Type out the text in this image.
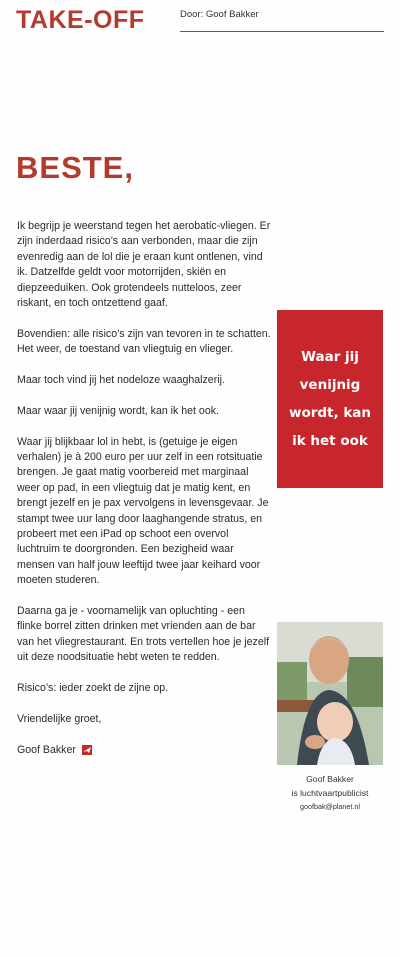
TAKE-OFF	Door: Goof Bakker
BESTE,

Ik begrijp je weerstand tegen het aerobatic-vliegen. Er zijn inderdaad risico’s aan verbonden, maar die zijn evenredig aan de lol die je eraan kunt ontlenen, vind ik. Datzelfde geldt voor motorrijden, skiën en diepzeeduiken. Ook grotendeels nutteloos, zeer riskant, en toch ontzettend gaaf.

Bovendien: alle risico’s zijn van tevoren in te schatten. Het weer, de toestand van vliegtuig en vlieger.

Maar toch vind jij het nodeloze waaghalzerij.

Maar waar jij venijnig wordt, kan ik het ook.

Waar jij blijkbaar lol in hebt, is (getuige je eigen verhalen) je à 200 euro per uur zelf in een rotsituatie brengen. Je gaat matig voorbereid met marginaal weer op pad, in een vliegtuig dat je matig kent, en brengt jezelf en je pax vervolgens in levensgevaar. Je stampt twee uur lang door laaghangende stratus, en probeert met een iPad op schoot een overvol luchtruim te doorgronden. Een bezigheid waar mensen van half jouw leeftijd twee jaar keihard voor moeten studeren.

Daarna ga je - voornamelijk van opluchting - een flinke borrel zitten drinken met vrienden aan de bar van het vliegrestaurant. En trots vertellen hoe je jezelf uit deze noodsituatie hebt weten te redden.

Risico’s: ieder zoekt de zijne op.

Vriendelijke groet,

Goof Bakker
Waar jij venijnig wordt, kan ik het ook
Goof Bakker
is luchtvaartpublicist
goofbak@planet.nl
